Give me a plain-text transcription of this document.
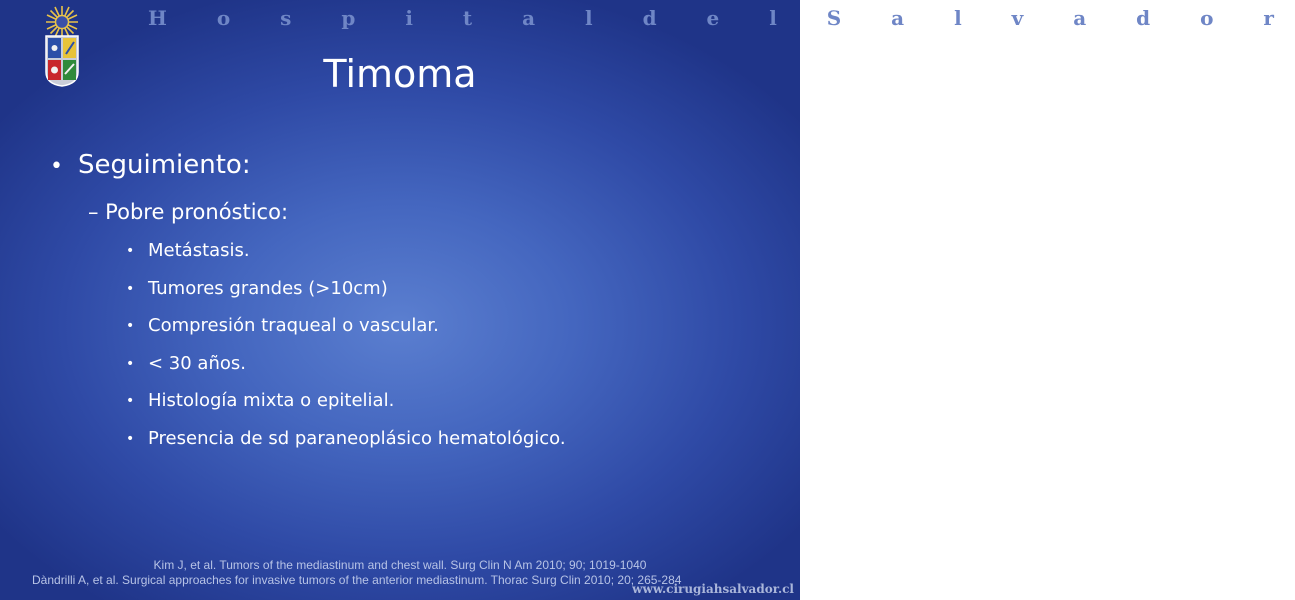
H o s p i t a l d e l S a l v a d o r
Timoma
• Seguimiento:
– Pobre pronóstico:
• Metástasis.
• Tumores grandes (>10cm)
• Compresión traqueal o vascular.
• < 30 años.
• Histología mixta o epitelial.
• Presencia de sd paraneoplásico hematológico.
Kim J, et al. Tumors of the mediastinum and chest wall. Surg Clin N Am 2010; 90; 1019-1040
Dàndrilli A, et al. Surgical approaches for invasive tumors of the anterior mediastinum. Thorac Surg Clin 2010; 20; 265-284
www.cirugiahsalvador.cl
